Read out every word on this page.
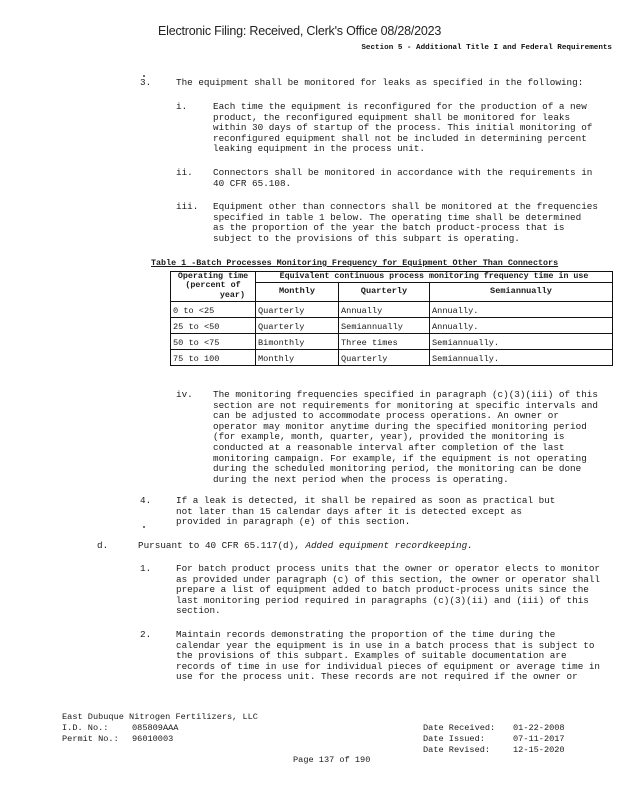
Electronic Filing: Received, Clerk's Office 08/28/2023
Section 5 - Additional Title I and Federal Requirements
3.	The equipment shall be monitored for leaks as specified in the following:
i.	Each time the equipment is reconfigured for the production of a new
product, the reconfigured equipment shall be monitored for leaks
within 30 days of startup of the process. This initial monitoring of
reconfigured equipment shall not be included in determining percent
leaking equipment in the process unit.
ii. Connectors shall be monitored in accordance with the requirements in
40 CFR 65.108.
iii. Equipment other than connectors shall be monitored at the frequencies
specified in table 1 below. The operating time shall be determined
as the proportion of the year the batch product-process that is
subject to the provisions of this subpart is operating.
Table 1 -Batch Processes Monitoring Frequency for Equipment Other Than Connectors
Operating time
(percent of
year)	Equivalent continuous process monitoring frequency time in use		
	Monthly	Quarterly	Semiannually
0 to <25	Quarterly	Annually	Annually.
25 to <50	Quarterly	Semiannually	Annually.
50 to <75	Bimonthly	Three times	Semiannually.
75 to 100	Monthly	Quarterly	Semiannually.
iv. The monitoring frequencies specified in paragraph (c)(3)(iii) of this
section are not requirements for monitoring at specific intervals and
can be adjusted to accommodate process operations. An owner or
operator may monitor anytime during the specified monitoring period
(for example, month, quarter, year), provided the monitoring is
conducted at a reasonable interval after completion of the last
monitoring campaign. For example, if the equipment is not operating
during the scheduled monitoring period, the monitoring can be done
during the next period when the process is operating.
4.	If a leak is detected, it shall be repaired as soon as practical but
not later than 15 calendar days after it is detected except as
provided in paragraph (e) of this section.
d.	Pursuant to 40 CFR 65.117(d), Added equipment recordkeeping.
1.	For batch product process units that the owner or operator elects to monitor
as provided under paragraph (c) of this section, the owner or operator shall
prepare a list of equipment added to batch product-process units since the
last monitoring period required in paragraphs (c)(3)(ii) and (iii) of this
section.
2.	Maintain records demonstrating the proportion of the time during the
calendar year the equipment is in use in a batch process that is subject to
the provisions of this subpart. Examples of suitable documentation are
records of time in use for individual pieces of equipment or average time in
use for the process unit. These records are not required if the owner or
East Dubuque Nitrogen Fertilizers, LLC
I.D. No.:	085809AAA
Permit No.: 96010003
Date Received: 01-22-2008
Date Issued:	07-11-2017
Date Revised:	12-15-2020
Page 137 of 190
